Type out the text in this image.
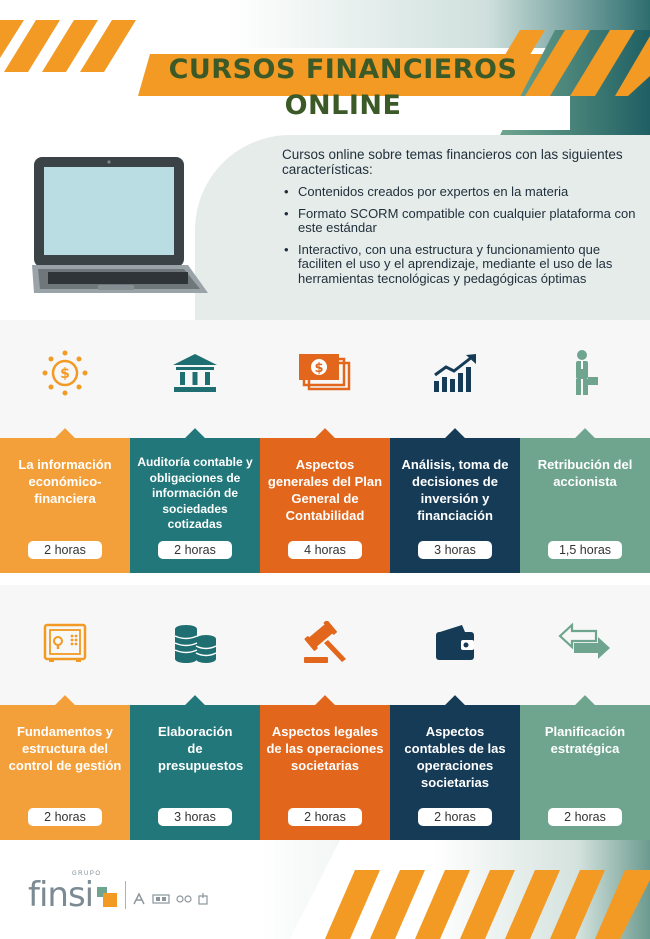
CURSOS FINANCIEROS
ONLINE

Cursos online sobre temas financieros con las siguientes características:

• Contenidos creados por expertos en la materia
• Formato SCORM compatible con cualquier plataforma con este estándar
• Interactivo, con una estructura y funcionamiento que faciliten el uso y el aprendizaje, mediante el uso de las herramientas tecnológicas y pedagógicas óptimas
$	$
La información económico-financiera
2 horas
Auditoría contable y obligaciones de información de sociedades cotizadas
2 horas
Aspectos generales del Plan General de Contabilidad
4 horas
Análisis, toma de decisiones de inversión y financiación
3 horas
Retribución del accionista
1,5 horas
Fundamentos y estructura del control de gestión
2 horas
Elaboración de presupuestos
3 horas
Aspectos legales de las operaciones societarias
2 horas
Aspectos contables de las operaciones societarias
2 horas
Planificación estratégica
2 horas
GRUPO
finsi
